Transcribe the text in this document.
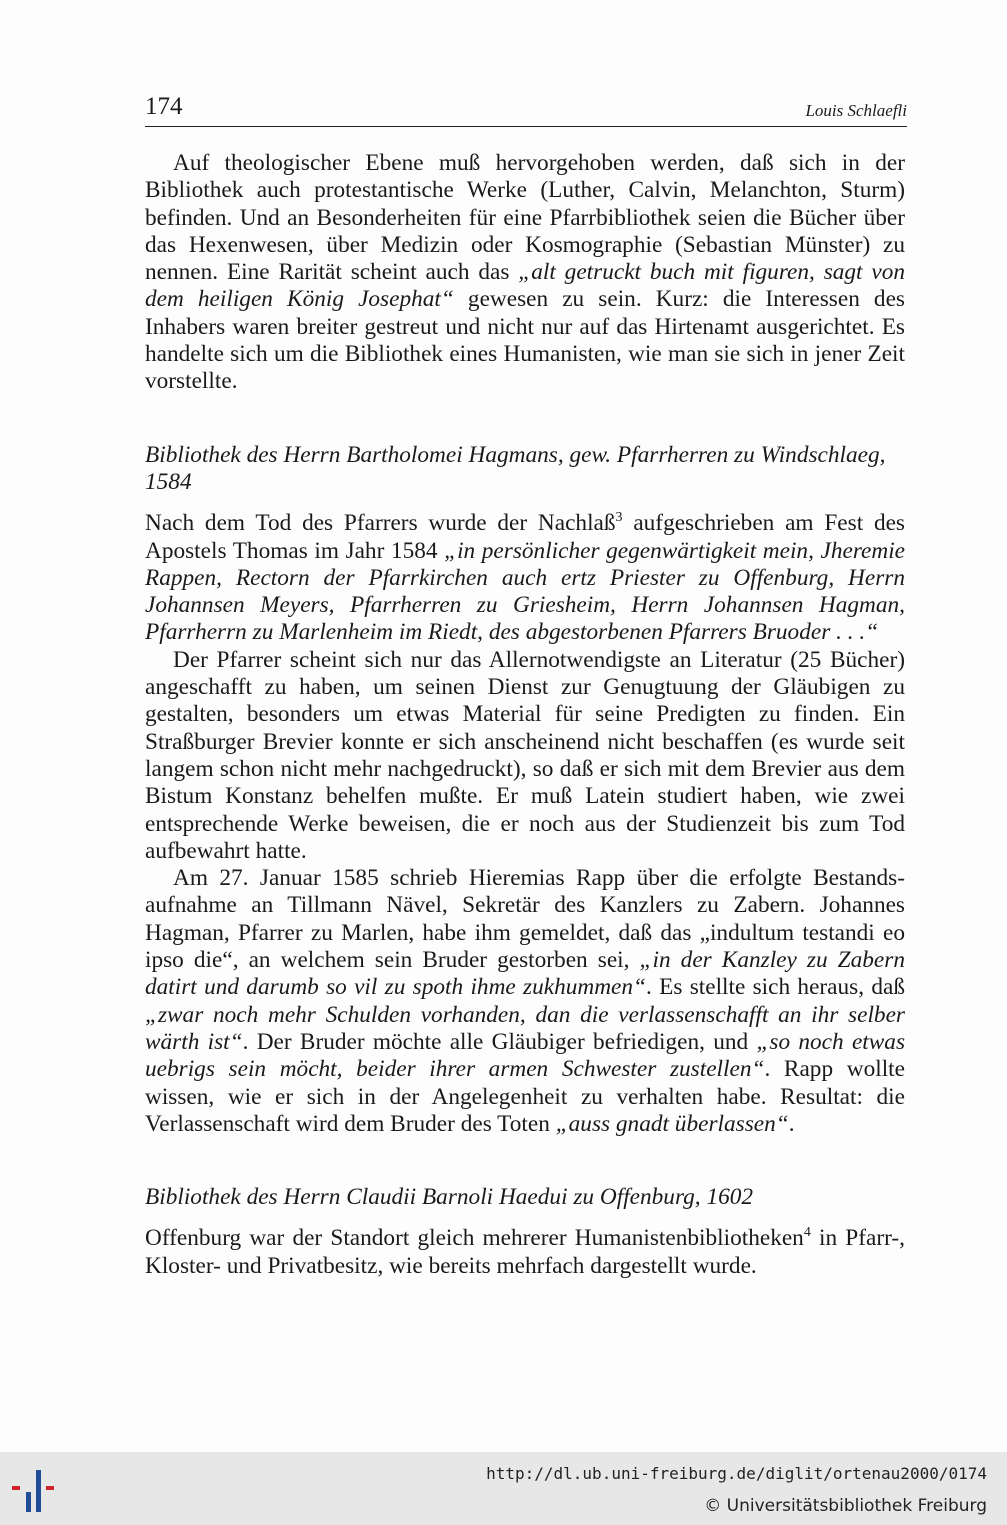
174	Louis Schlaefli

Auf theologischer Ebene muß hervorgehoben werden, daß sich in der Bibliothek auch protestantische Werke (Luther, Calvin, Melanchton, Sturm) befinden. Und an Besonderheiten für eine Pfarrbibliothek seien die Bücher über das Hexenwesen, über Medizin oder Kosmographie (Sebastian Münster) zu nennen. Eine Rarität scheint auch das „alt getruckt buch mit figuren, sagt von dem heiligen König Josephat“ gewesen zu sein. Kurz: die Interessen des Inhabers waren breiter gestreut und nicht nur auf das Hirtenamt ausgerichtet. Es handelte sich um die Bibliothek eines Humanisten, wie man sie sich in jener Zeit vorstellte.

Bibliothek des Herrn Bartholomei Hagmans, gew. Pfarrherren zu Windschlaeg, 1584

Nach dem Tod des Pfarrers wurde der Nachlaß$^3$ aufgeschrieben am Fest des Apostels Thomas im Jahr 1584 „in persönlicher gegenwärtigkeit mein, Jheremie Rappen, Rectorn der Pfarrkirchen auch ertz Priester zu Offenburg, Herrn Johannsen Meyers, Pfarrherren zu Griesheim, Herrn Johannsen Hagman, Pfarrherrn zu Marlenheim im Riedt, des abgestorbenen Pfarrers Bruoder . . .“

Der Pfarrer scheint sich nur das Allernotwendigste an Literatur (25 Bücher) angeschafft zu haben, um seinen Dienst zur Genugtuung der Gläubigen zu gestalten, besonders um etwas Material für seine Predigten zu finden. Ein Straßburger Brevier konnte er sich anscheinend nicht beschaffen (es wurde seit langem schon nicht mehr nachgedruckt), so daß er sich mit dem Brevier aus dem Bistum Konstanz behelfen mußte. Er muß Latein studiert haben, wie zwei entsprechende Werke beweisen, die er noch aus der Studienzeit bis zum Tod aufbewahrt hatte.

Am 27. Januar 1585 schrieb Hieremias Rapp über die erfolgte Bestandsaufnahme an Tillmann Nävel, Sekretär des Kanzlers zu Zabern. Johannes Hagman, Pfarrer zu Marlen, habe ihm gemeldet, daß das „indultum testandi eo ipso die“, an welchem sein Bruder gestorben sei, „in der Kanzley zu Zabern datirt und darumb so vil zu spoth ihme zukhummen“. Es stellte sich heraus, daß „zwar noch mehr Schulden vorhanden, dan die verlassenschafft an ihr selber wärth ist“. Der Bruder möchte alle Gläubiger befriedigen, und „so noch etwas uebrigs sein möcht, beider ihrer armen Schwester zustellen“. Rapp wollte wissen, wie er sich in der Angelegenheit zu verhalten habe. Resultat: die Verlassenschaft wird dem Bruder des Toten „auss gnadt überlassen“.

Bibliothek des Herrn Claudii Barnoli Haedui zu Offenburg, 1602

Offenburg war der Standort gleich mehrerer Humanistenbibliotheken$^4$ in Pfarr-, Kloster- und Privatbesitz, wie bereits mehrfach dargestellt wurde.

http://dl.ub.uni-freiburg.de/diglit/ortenau2000/0174
© Universitätsbibliothek Freiburg
